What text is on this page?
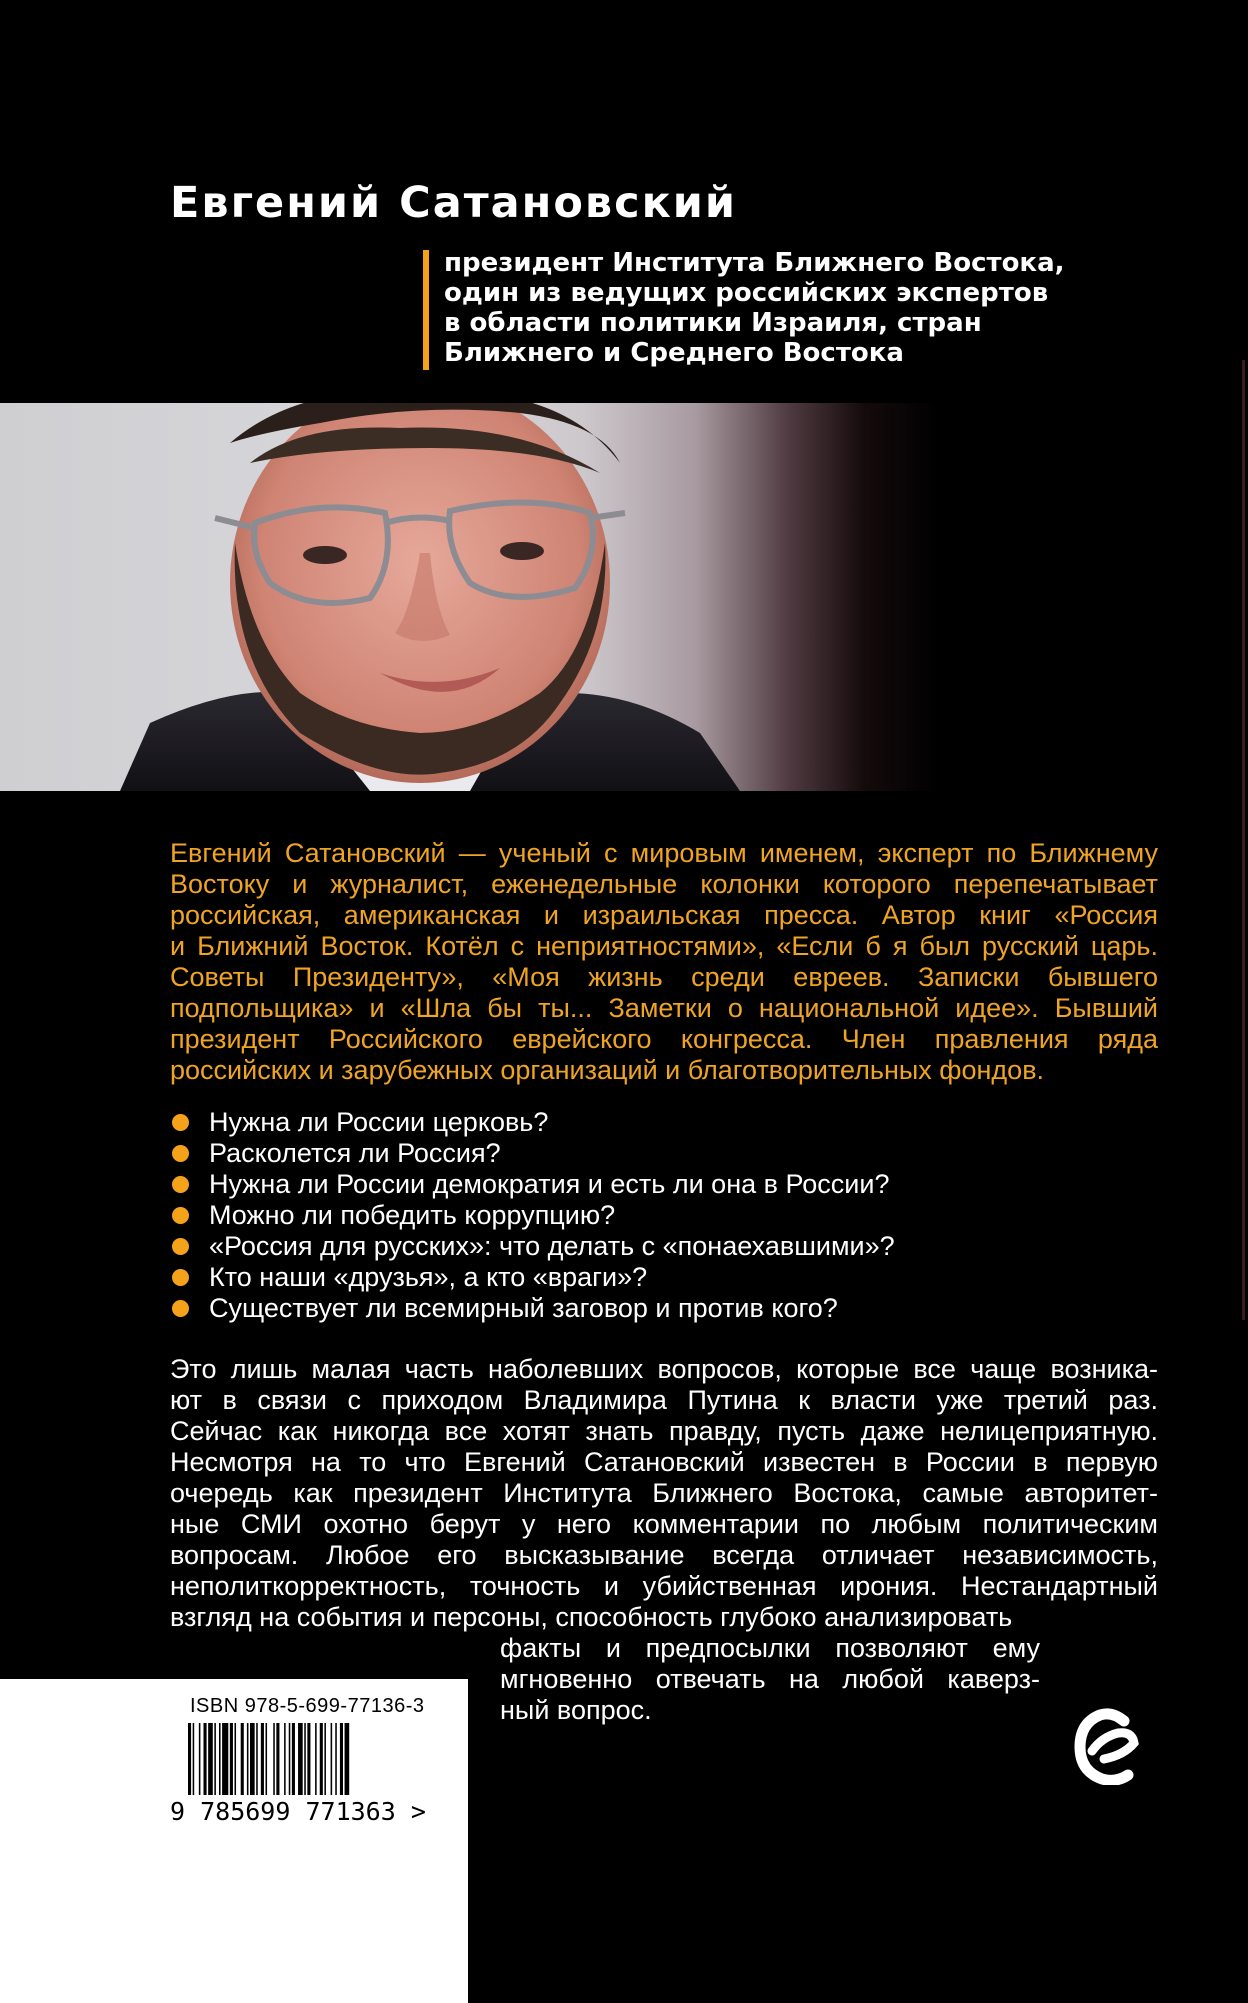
Евгений Сатановский

президент Института Ближнего Востока,
один из ведущих российских экспертов
в области политики Израиля, стран
Ближнего и Среднего Востока

Евгений Сатановский — ученый с мировым именем, эксперт по Ближнему
Востоку и журналист, еженедельные колонки которого перепечатывает
российская, американская и израильская пресса. Автор книг «Россия
и Ближний Восток. Котёл с неприятностями», «Если б я был русский царь.
Советы Президенту», «Моя жизнь среди евреев. Записки бывшего
подпольщика» и «Шла бы ты... Заметки о национальной идее». Бывший
президент Российского еврейского конгресса. Член правления ряда
российских и зарубежных организаций и благотворительных фондов.

Нужна ли России церковь?
Расколется ли Россия?
Нужна ли России демократия и есть ли она в России?
Можно ли победить коррупцию?
«Россия для русских»: что делать с «понаехавшими»?
Кто наши «друзья», а кто «враги»?
Существует ли всемирный заговор и против кого?

Это лишь малая часть наболевших вопросов, которые все чаще возника-
ют в связи с приходом Владимира Путина к власти уже третий раз.
Сейчас как никогда все хотят знать правду, пусть даже нелицеприятную.
Несмотря на то что Евгений Сатановский известен в России в первую
очередь как президент Института Ближнего Востока, самые авторитет-
ные СМИ охотно берут у него комментарии по любым политическим
вопросам. Любое его высказывание всегда отличает независимость,
неполиткорректность, точность и убийственная ирония. Нестандартный
взгляд на события и персоны, способность глубоко анализировать

факты и предпосылки позволяют ему
мгновенно отвечать на любой каверз-
ный вопрос.

ISBN 978-5-699-77136-3
9 785699 771363 >
